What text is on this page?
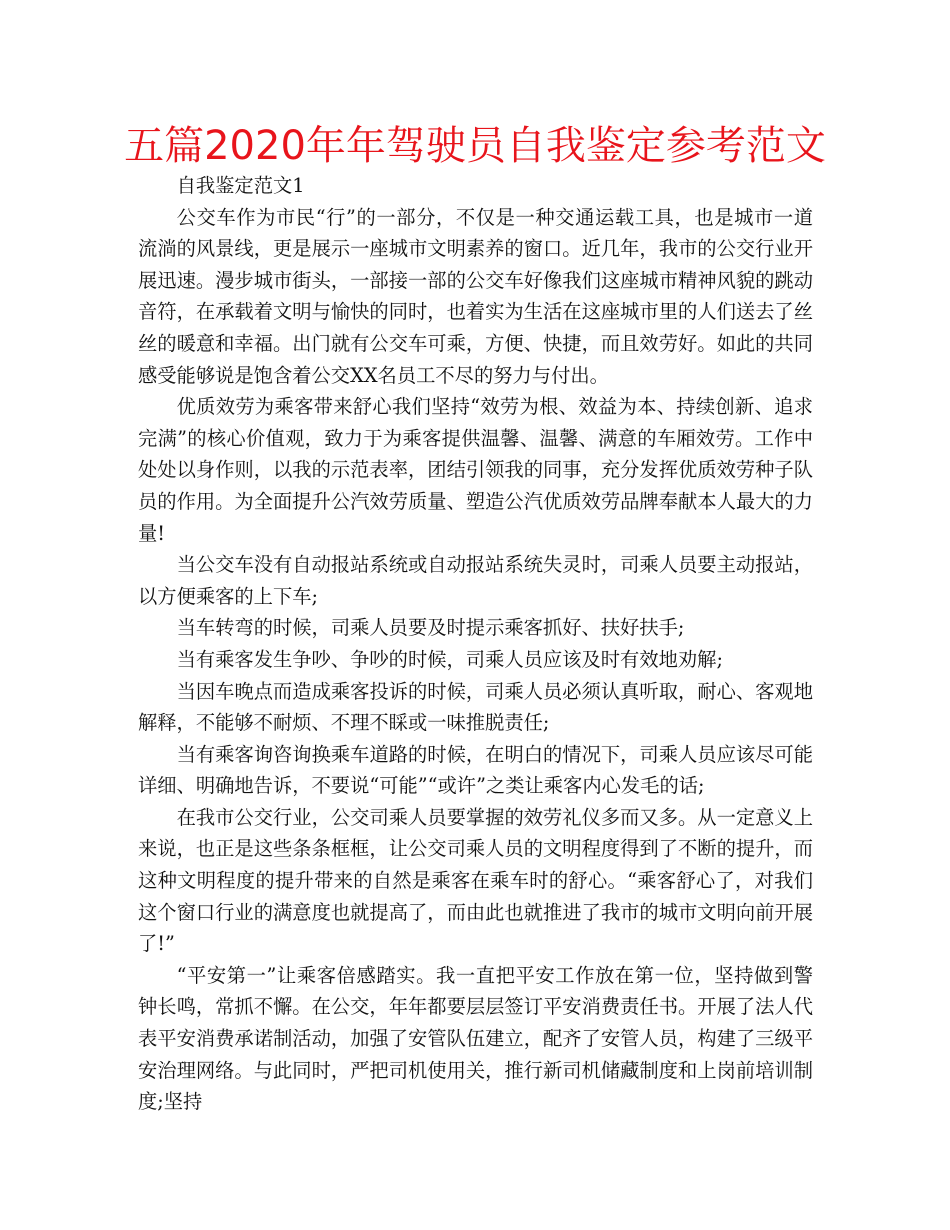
五篇2020年年驾驶员自我鉴定参考范文

自我鉴定范文1

公交车作为市民“行”的一部分，不仅是一种交通运载工具，也是城市一道流淌的风景线，更是展示一座城市文明素养的窗口。近几年，我市的公交行业开展迅速。漫步城市街头，一部接一部的公交车好像我们这座城市精神风貌的跳动音符，在承载着文明与愉快的同时，也着实为生活在这座城市里的人们送去了丝丝的暖意和幸福。出门就有公交车可乘，方便、快捷，而且效劳好。如此的共同感受能够说是饱含着公交XX名员工不尽的努力与付出。

优质效劳为乘客带来舒心我们坚持“效劳为根、效益为本、持续创新、追求完满”的核心价值观，致力于为乘客提供温馨、温馨、满意的车厢效劳。工作中处处以身作则，以我的示范表率，团结引领我的同事，充分发挥优质效劳种子队员的作用。为全面提升公汽效劳质量、塑造公汽优质效劳品牌奉献本人最大的力量!

当公交车没有自动报站系统或自动报站系统失灵时，司乘人员要主动报站，以方便乘客的上下车;

当车转弯的时候，司乘人员要及时提示乘客抓好、扶好扶手;

当有乘客发生争吵、争吵的时候，司乘人员应该及时有效地劝解;

当因车晚点而造成乘客投诉的时候，司乘人员必须认真听取，耐心、客观地解释，不能够不耐烦、不理不睬或一味推脱责任;

当有乘客询咨询换乘车道路的时候，在明白的情况下，司乘人员应该尽可能详细、明确地告诉，不要说“可能”“或许”之类让乘客内心发毛的话;

在我市公交行业，公交司乘人员要掌握的效劳礼仪多而又多。从一定意义上来说，也正是这些条条框框，让公交司乘人员的文明程度得到了不断的提升，而这种文明程度的提升带来的自然是乘客在乘车时的舒心。“乘客舒心了，对我们这个窗口行业的满意度也就提高了，而由此也就推进了我市的城市文明向前开展了!”

“平安第一”让乘客倍感踏实。我一直把平安工作放在第一位，坚持做到警钟长鸣，常抓不懈。在公交，年年都要层层签订平安消费责任书。开展了法人代表平安消费承诺制活动，加强了安管队伍建立，配齐了安管人员，构建了三级平安治理网络。与此同时，严把司机使用关，推行新司机储藏制度和上岗前培训制度;坚持
